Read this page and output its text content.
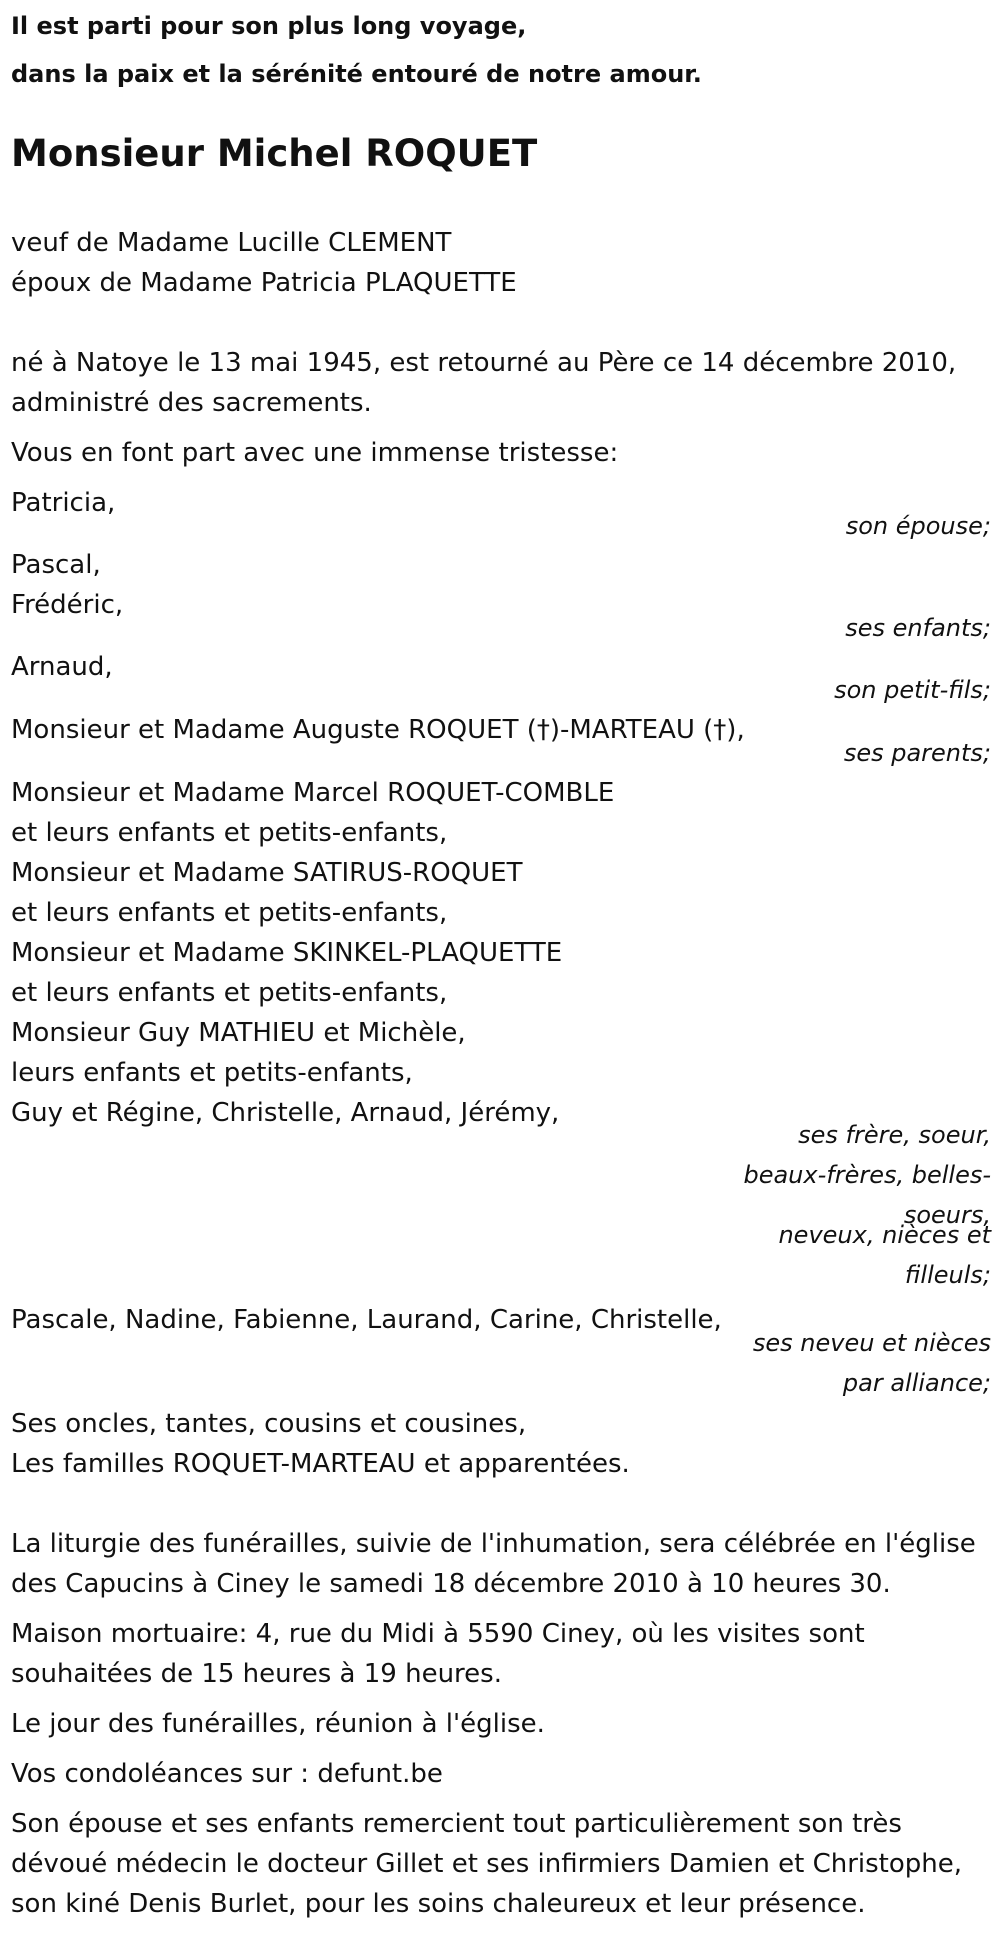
Il est parti pour son plus long voyage,

dans la paix et la sérénité entouré de notre amour.

Monsieur Michel ROQUET

veuf de Madame Lucille CLEMENT

époux de Madame Patricia PLAQUETTE

né à Natoye le 13 mai 1945, est retourné au Père ce 14 décembre 2010,

administré des sacrements.

Vous en font part avec une immense tristesse:

Patricia,

son épouse;

Pascal,

Frédéric,

ses enfants;

Arnaud,

son petit-fils;

Monsieur et Madame Auguste ROQUET (†)-MARTEAU (†),

ses parents;

Monsieur et Madame Marcel ROQUET-COMBLE

et leurs enfants et petits-enfants,

Monsieur et Madame SATIRUS-ROQUET

et leurs enfants et petits-enfants,

Monsieur et Madame SKINKEL-PLAQUETTE

et leurs enfants et petits-enfants,

Monsieur Guy MATHIEU et Michèle,

leurs enfants et petits-enfants,

Guy et Régine, Christelle, Arnaud, Jérémy,

ses frère, soeur, beaux-frères, belles-soeurs,

neveux, nièces et filleuls;

Pascale, Nadine, Fabienne, Laurand, Carine, Christelle,

ses neveu et nièces par alliance;

Ses oncles, tantes, cousins et cousines,

Les familles ROQUET-MARTEAU et apparentées.

La liturgie des funérailles, suivie de l'inhumation, sera célébrée en l'église

des Capucins à Ciney le samedi 18 décembre 2010 à 10 heures 30.

Maison mortuaire: 4, rue du Midi à 5590 Ciney, où les visites sont

souhaitées de 15 heures à 19 heures.

Le jour des funérailles, réunion à l'église.

Vos condoléances sur : defunt.be

Son épouse et ses enfants remercient tout particulièrement son très

dévoué médecin le docteur Gillet et ses infirmiers Damien et Christophe,

son kiné Denis Burlet, pour les soins chaleureux et leur présence.
